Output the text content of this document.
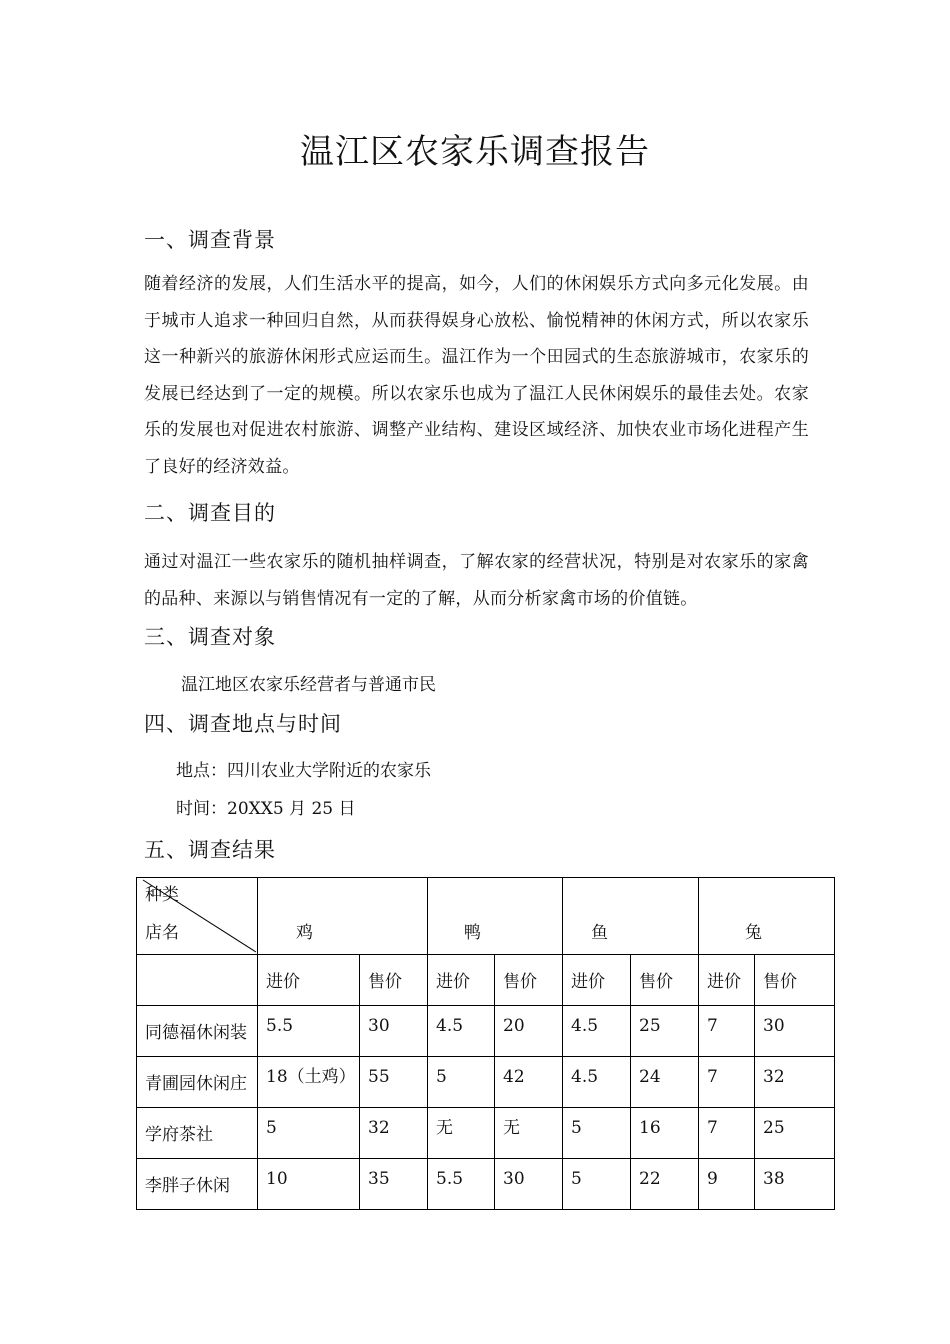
温江区农家乐调查报告
一、调查背景

随着经济的发展，人们生活水平的提高，如今，人们的休闲娱乐方式向多元化发展。由于城市人追求一种回归自然，从而获得娱身心放松、愉悦精神的休闲方式，所以农家乐这一种新兴的旅游休闲形式应运而生。温江作为一个田园式的生态旅游城市，农家乐的发展已经达到了一定的规模。所以农家乐也成为了温江人民休闲娱乐的最佳去处。农家乐的发展也对促进农村旅游、调整产业结构、建设区域经济、加快农业市场化进程产生了良好的经济效益。

二、调查目的

通过对温江一些农家乐的随机抽样调查，了解农家的经营状况，特别是对农家乐的家禽的品种、来源以与销售情况有一定的了解，从而分析家禽市场的价值链。

三、调查对象
温江地区农家乐经营者与普通市民
四、调查地点与时间
地点：四川农业大学附近的农家乐
时间：20XX5 月 25 日
五、调查结果
种类
店名	鸡		鸭		鱼		兔	

	进价	售价	进价	售价	进价	售价	进价	售价
同德福休闲装	5.5	30	4.5	20	4.5	25	7	30
青圃园休闲庄	18（土鸡）	55	5	42	4.5	24	7	32
学府茶社	5	32	无	无	5	16	7	25
李胖子休闲	10	35	5.5	30	5	22	9	38
